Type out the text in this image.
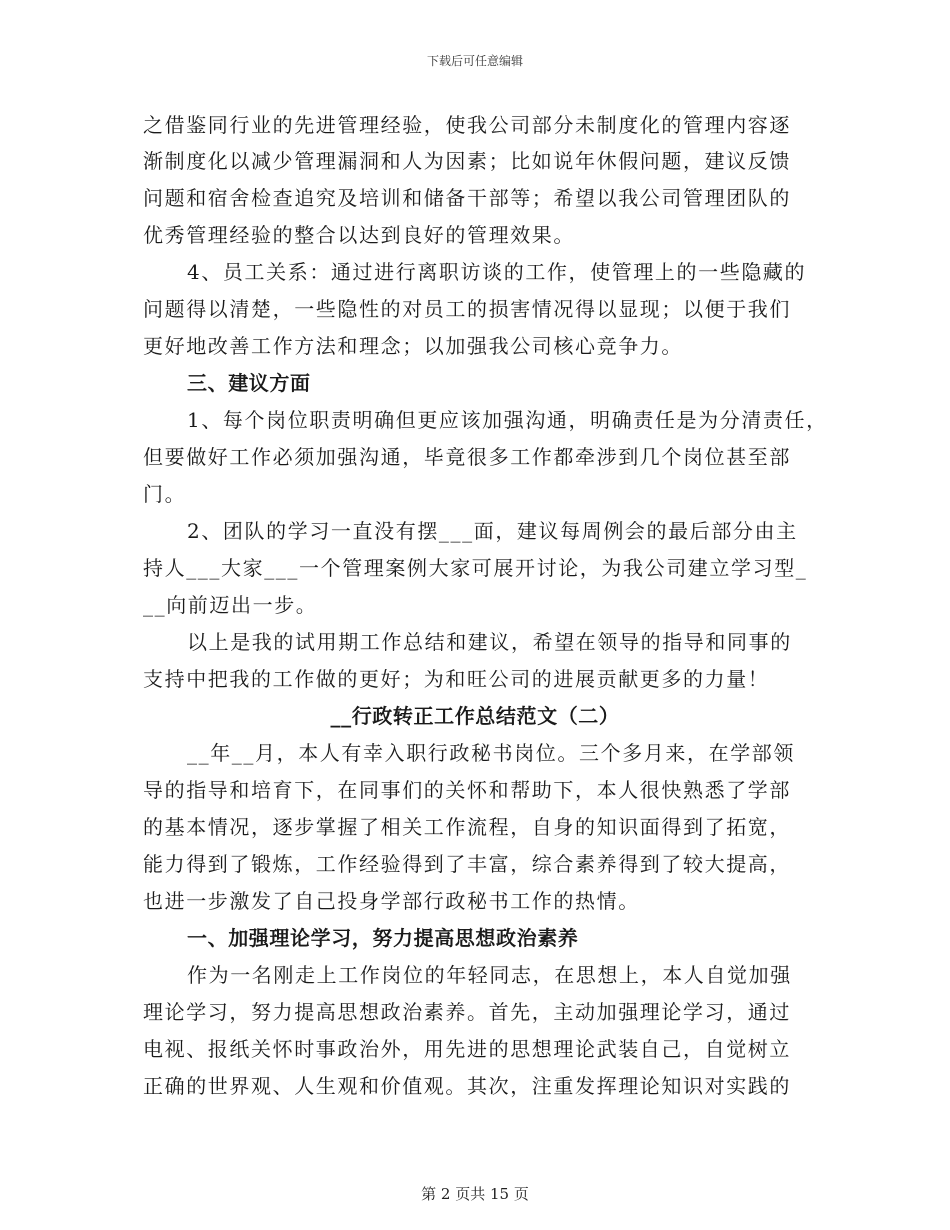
下载后可任意编辑
之借鉴同行业的先进管理经验，使我公司部分未制度化的管理内容逐
渐制度化以减少管理漏洞和人为因素；比如说年休假问题，建议反馈
问题和宿舍检查追究及培训和储备干部等；希望以我公司管理团队的
优秀管理经验的整合以达到良好的管理效果。
4、员工关系：通过进行离职访谈的工作，使管理上的一些隐藏的
问题得以清楚，一些隐性的对员工的损害情况得以显现；以便于我们
更好地改善工作方法和理念；以加强我公司核心竞争力。
三、建议方面
1、每个岗位职责明确但更应该加强沟通，明确责任是为分清责任，
但要做好工作必须加强沟通，毕竟很多工作都牵涉到几个岗位甚至部
门。
2、团队的学习一直没有摆___面，建议每周例会的最后部分由主
持人___大家___一个管理案例大家可展开讨论，为我公司建立学习型_
__向前迈出一步。
以上是我的试用期工作总结和建议，希望在领导的指导和同事的
支持中把我的工作做的更好；为和旺公司的进展贡献更多的力量！
__行政转正工作总结范文（二）
__年__月，本人有幸入职行政秘书岗位。三个多月来，在学部领
导的指导和培育下，在同事们的关怀和帮助下，本人很快熟悉了学部
的基本情况，逐步掌握了相关工作流程，自身的知识面得到了拓宽，
能力得到了锻炼，工作经验得到了丰富，综合素养得到了较大提高，
也进一步激发了自己投身学部行政秘书工作的热情。
一、加强理论学习，努力提高思想政治素养
作为一名刚走上工作岗位的年轻同志，在思想上，本人自觉加强
理论学习，努力提高思想政治素养。首先，主动加强理论学习，通过
电视、报纸关怀时事政治外，用先进的思想理论武装自己，自觉树立
正确的世界观、人生观和价值观。其次，注重发挥理论知识对实践的
第 2 页共 15 页
